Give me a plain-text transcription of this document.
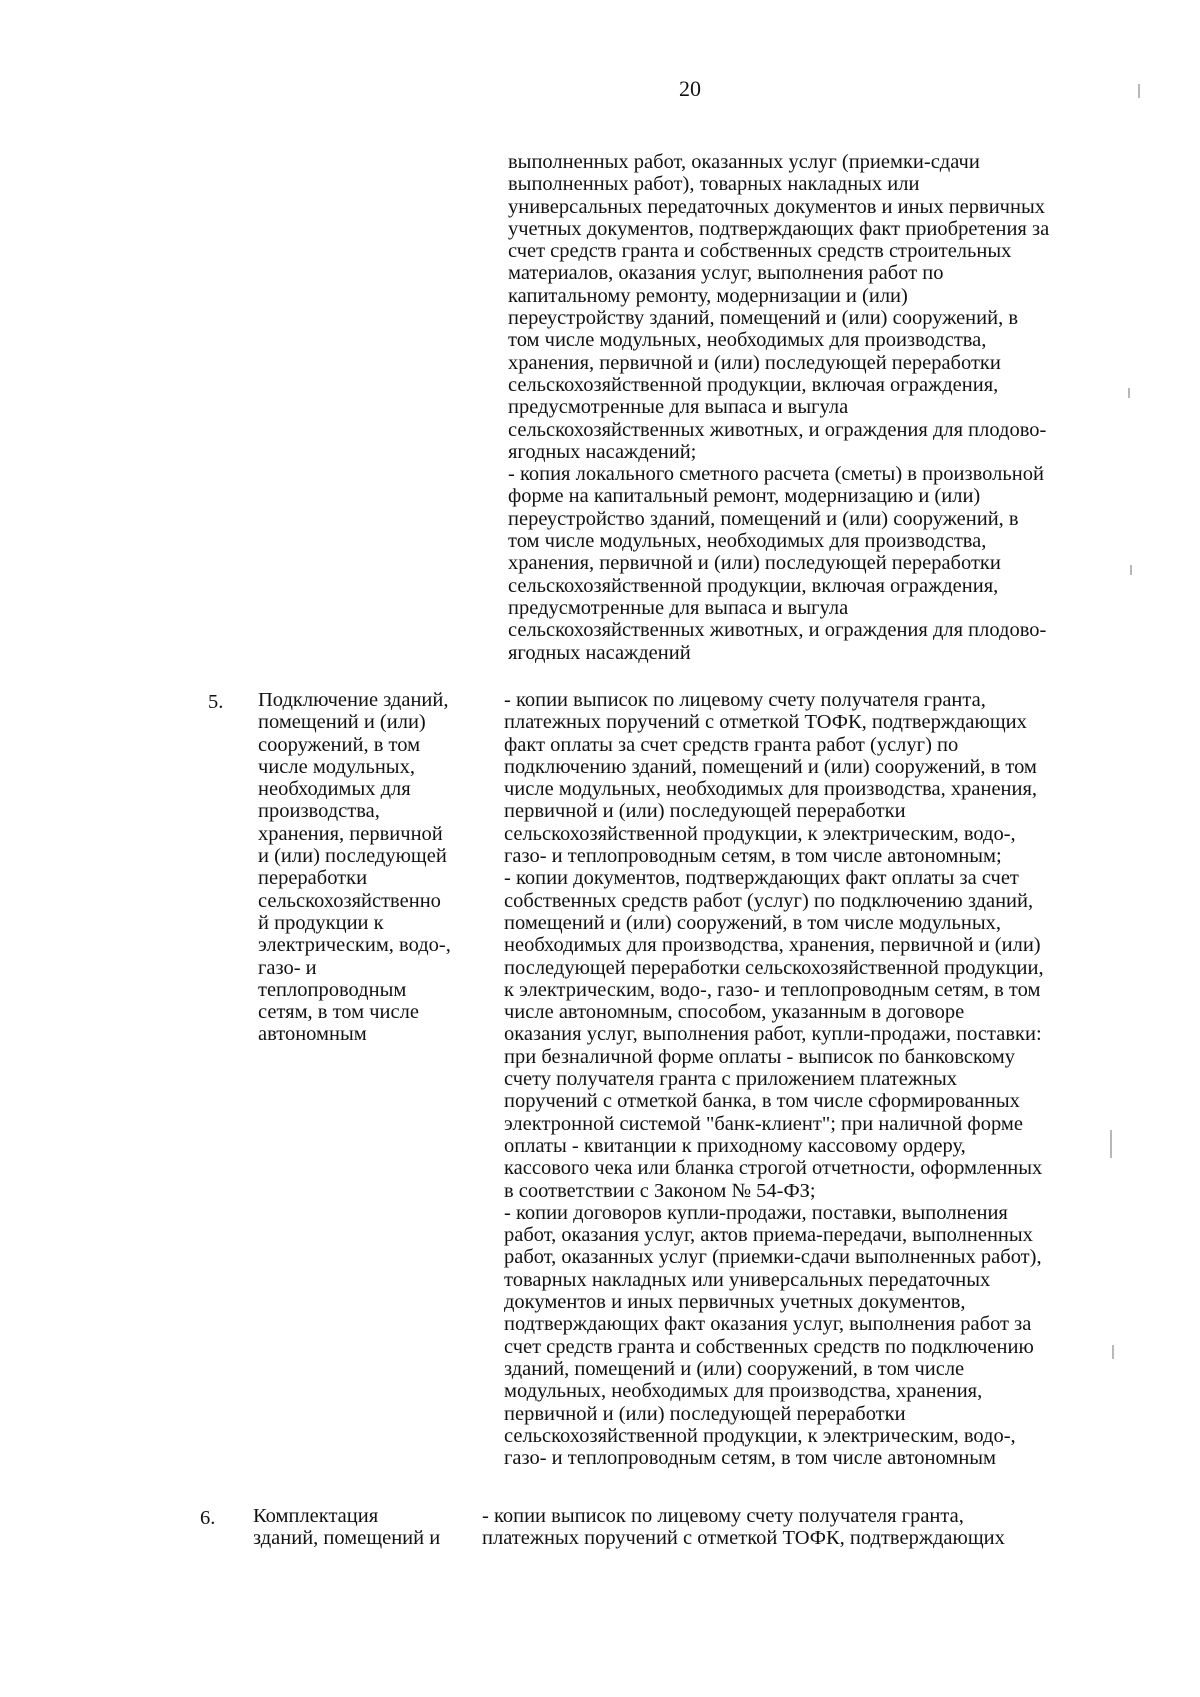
20
выполненных работ, оказанных услуг (приемки-сдачи
выполненных работ), товарных накладных или
универсальных передаточных документов и иных первичных
учетных документов, подтверждающих факт приобретения за
счет средств гранта и собственных средств строительных
материалов, оказания услуг, выполнения работ по
капитальному ремонту, модернизации и (или)
переустройству зданий, помещений и (или) сооружений, в
том числе модульных, необходимых для производства,
хранения, первичной и (или) последующей переработки
сельскохозяйственной продукции, включая ограждения,
предусмотренные для выпаса и выгула
сельскохозяйственных животных, и ограждения для плодово-
ягодных насаждений;
- копия локального сметного расчета (сметы) в произвольной
форме на капитальный ремонт, модернизацию и (или)
переустройство зданий, помещений и (или) сооружений, в
том числе модульных, необходимых для производства,
хранения, первичной и (или) последующей переработки
сельскохозяйственной продукции, включая ограждения,
предусмотренные для выпаса и выгула
сельскохозяйственных животных, и ограждения для плодово-
ягодных насаждений
5. Подключение зданий,
помещений и (или)
сооружений, в том
числе модульных,
необходимых для
производства,
хранения, первичной
и (или) последующей
переработки
сельскохозяйственно
й продукции к
электрическим, водо-,
газо- и
теплопроводным
сетям, в том числе
автономным
- копии выписок по лицевому счету получателя гранта,
платежных поручений с отметкой ТОФК, подтверждающих
факт оплаты за счет средств гранта работ (услуг) по
подключению зданий, помещений и (или) сооружений, в том
числе модульных, необходимых для производства, хранения,
первичной и (или) последующей переработки
сельскохозяйственной продукции, к электрическим, водо-,
газо- и теплопроводным сетям, в том числе автономным;
- копии документов, подтверждающих факт оплаты за счет
собственных средств работ (услуг) по подключению зданий,
помещений и (или) сооружений, в том числе модульных,
необходимых для производства, хранения, первичной и (или)
последующей переработки сельскохозяйственной продукции,
к электрическим, водо-, газо- и теплопроводным сетям, в том
числе автономным, способом, указанным в договоре
оказания услуг, выполнения работ, купли-продажи, поставки:
при безналичной форме оплаты - выписок по банковскому
счету получателя гранта с приложением платежных
поручений с отметкой банка, в том числе сформированных
электронной системой "банк-клиент"; при наличной форме
оплаты - квитанции к приходному кассовому ордеру,
кассового чека или бланка строгой отчетности, оформленных
в соответствии с Законом № 54-ФЗ;
- копии договоров купли-продажи, поставки, выполнения
работ, оказания услуг, актов приема-передачи, выполненных
работ, оказанных услуг (приемки-сдачи выполненных работ),
товарных накладных или универсальных передаточных
документов и иных первичных учетных документов,
подтверждающих факт оказания услуг, выполнения работ за
счет средств гранта и собственных средств по подключению
зданий, помещений и (или) сооружений, в том числе
модульных, необходимых для производства, хранения,
первичной и (или) последующей переработки
сельскохозяйственной продукции, к электрическим, водо-,
газо- и теплопроводным сетям, в том числе автономным
6. Комплектация
зданий, помещений и
- копии выписок по лицевому счету получателя гранта,
платежных поручений с отметкой ТОФК, подтверждающих
